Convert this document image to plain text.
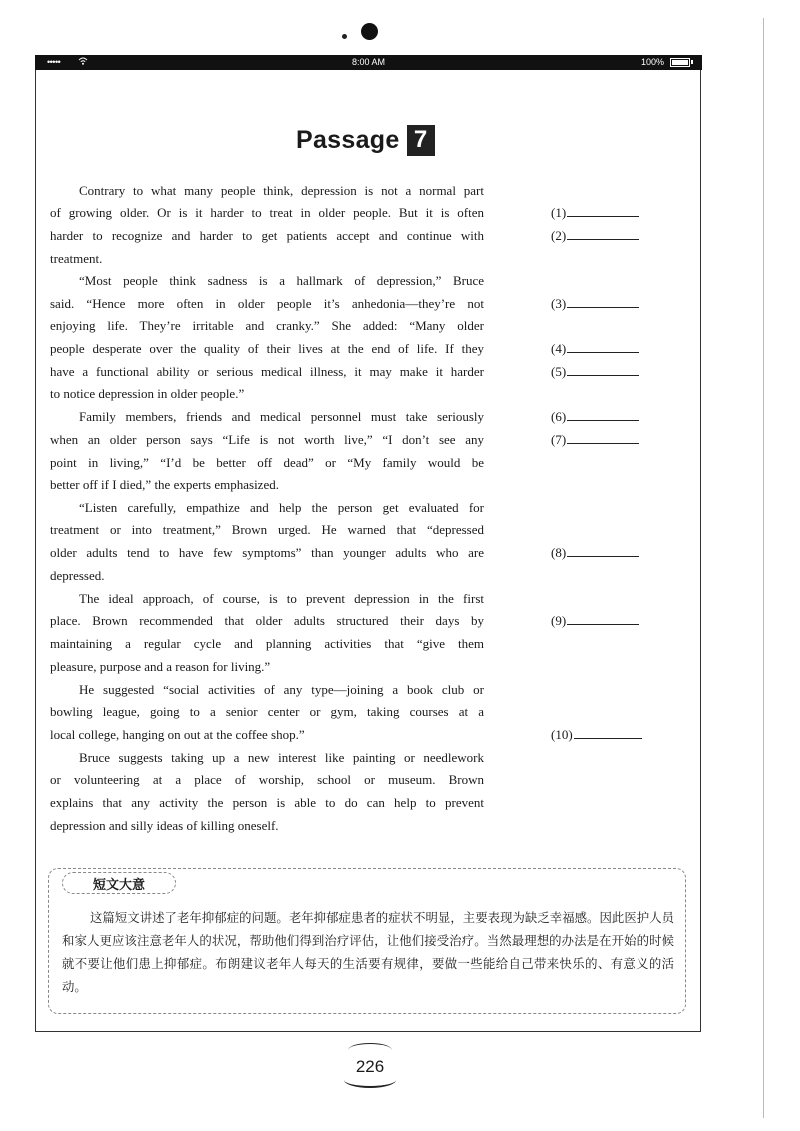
•••••	8:00 AM	100%
Passage 7
Contrary to what many people think, depression is not a normal part
of growing older. Or is it harder to treat in older people. But it is often
harder to recognize and harder to get patients accept and continue with
treatment.
“Most people think sadness is a hallmark of depression,” Bruce
said. “Hence more often in older people it’s anhedonia—they’re not
enjoying life. They’re irritable and cranky.” She added: “Many older
people desperate over the quality of their lives at the end of life. If they
have a functional ability or serious medical illness, it may make it harder
to notice depression in older people.”
Family members, friends and medical personnel must take seriously
when an older person says “Life is not worth live,” “I don’t see any
point in living,” “I’d be better off dead” or “My family would be
better off if I died,” the experts emphasized.
“Listen carefully, empathize and help the person get evaluated for
treatment or into treatment,” Brown urged. He warned that “depressed
older adults tend to have few symptoms” than younger adults who are
depressed.
The ideal approach, of course, is to prevent depression in the first
place. Brown recommended that older adults structured their days by
maintaining a regular cycle and planning activities that “give them
pleasure, purpose and a reason for living.”
He suggested “social activities of any type—joining a book club or
bowling league, going to a senior center or gym, taking courses at a
local college, hanging on out at the coffee shop.”
Bruce suggests taking up a new interest like painting or needlework
or volunteering at a place of worship, school or museum. Brown
explains that any activity the person is able to do can help to prevent
depression and silly ideas of killing oneself.
(1)
(2)
(3)
(4)
(5)
(6)
(7)
(8)
(9)
(10)
短文大意
这篇短文讲述了老年抑郁症的问题。老年抑郁症患者的症状不明显，主要表现为缺乏幸福感。因此医护人员和家人更应该注意老年人的状况，帮助他们得到治疗评估，让他们接受治疗。当然最理想的办法是在开始的时候就不要让他们患上抑郁症。布朗建议老年人每天的生活要有规律，要做一些能给自己带来快乐的、有意义的活动。
226
